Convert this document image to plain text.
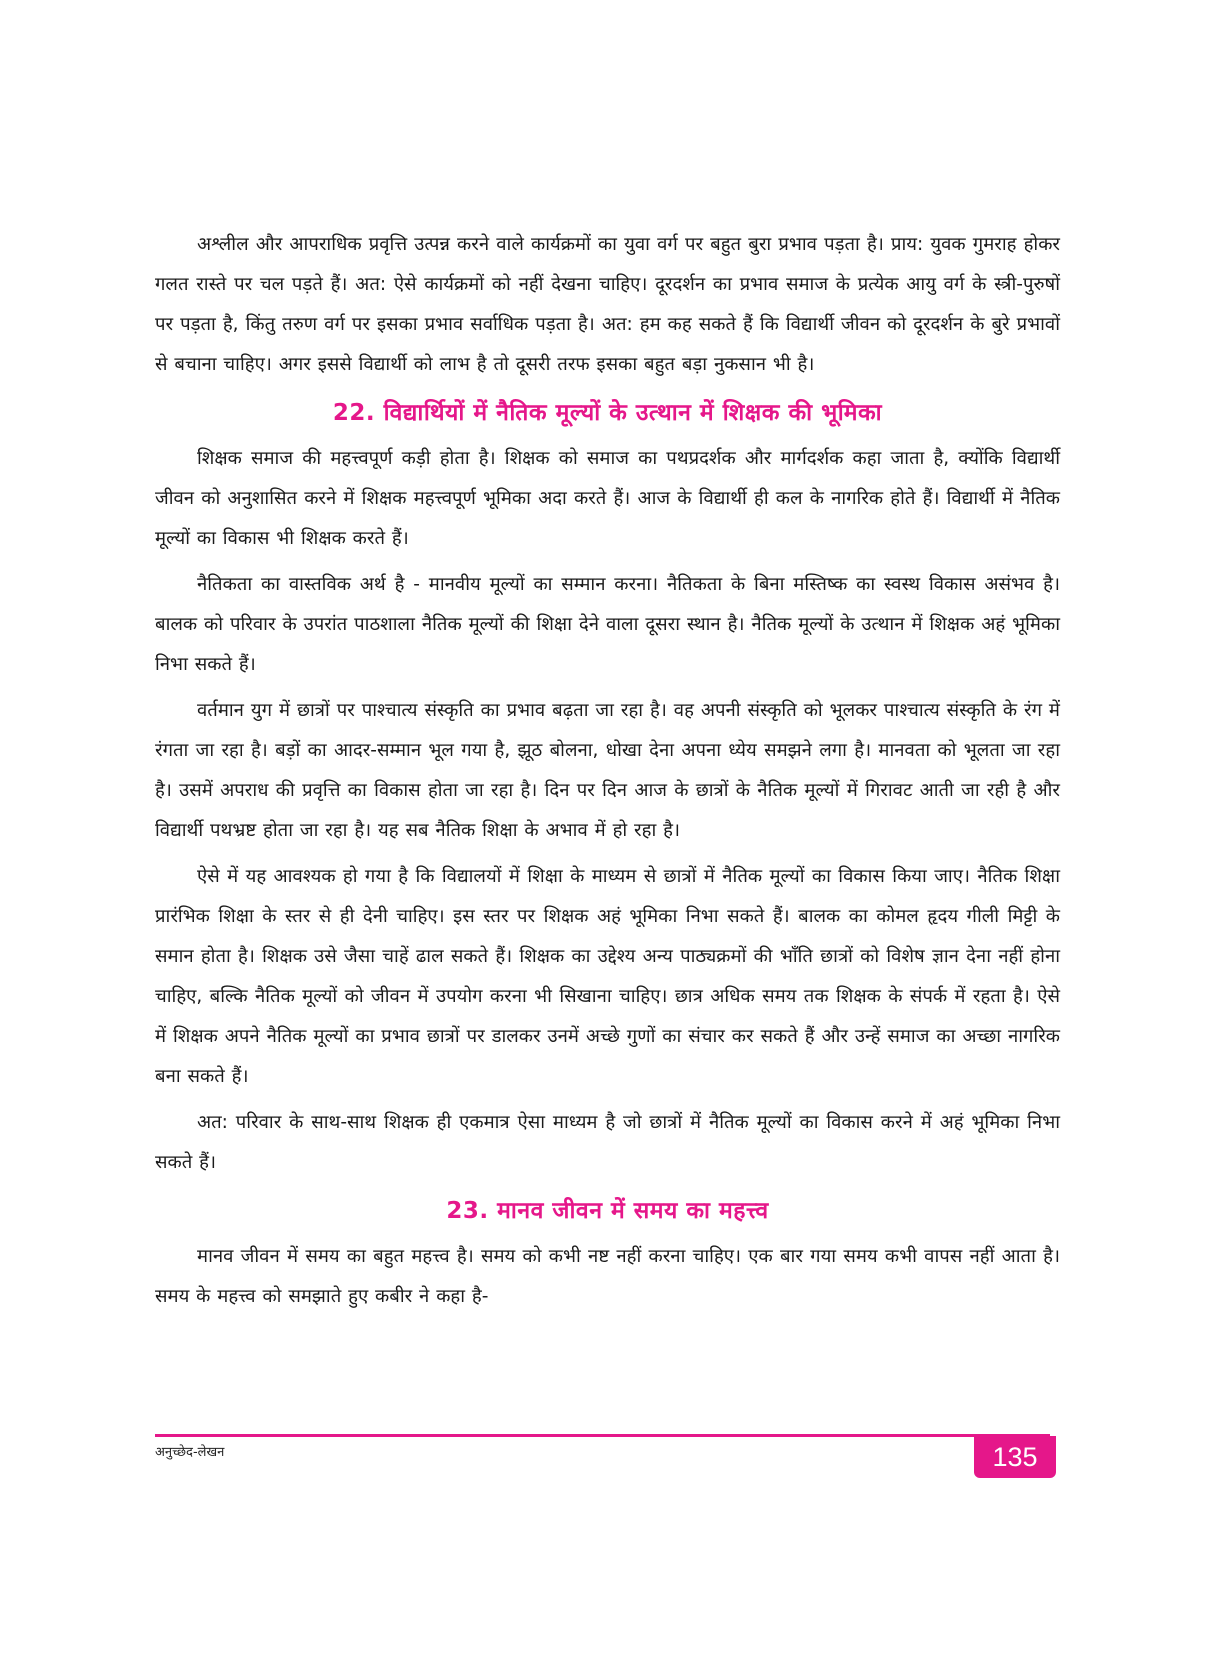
अश्लील और आपराधिक प्रवृत्ति उत्पन्न करने वाले कार्यक्रमों का युवा वर्ग पर बहुत बुरा प्रभाव पड़ता है। प्राय: युवक गुमराह होकर गलत रास्ते पर चल पड़ते हैं। अत: ऐसे कार्यक्रमों को नहीं देखना चाहिए। दूरदर्शन का प्रभाव समाज के प्रत्येक आयु वर्ग के स्त्री-पुरुषों पर पड़ता है, किंतु तरुण वर्ग पर इसका प्रभाव सर्वाधिक पड़ता है। अत: हम कह सकते हैं कि विद्यार्थी जीवन को दूरदर्शन के बुरे प्रभावों से बचाना चाहिए। अगर इससे विद्यार्थी को लाभ है तो दूसरी तरफ इसका बहुत बड़ा नुकसान भी है।

22. विद्यार्थियों में नैतिक मूल्यों के उत्थान में शिक्षक की भूमिका

शिक्षक समाज की महत्त्वपूर्ण कड़ी होता है। शिक्षक को समाज का पथप्रदर्शक और मार्गदर्शक कहा जाता है, क्योंकि विद्यार्थी जीवन को अनुशासित करने में शिक्षक महत्त्वपूर्ण भूमिका अदा करते हैं। आज के विद्यार्थी ही कल के नागरिक होते हैं। विद्यार्थी में नैतिक मूल्यों का विकास भी शिक्षक करते हैं।

नैतिकता का वास्तविक अर्थ है - मानवीय मूल्यों का सम्मान करना। नैतिकता के बिना मस्तिष्क का स्वस्थ विकास असंभव है। बालक को परिवार के उपरांत पाठशाला नैतिक मूल्यों की शिक्षा देने वाला दूसरा स्थान है। नैतिक मूल्यों के उत्थान में शिक्षक अहं भूमिका निभा सकते हैं।

वर्तमान युग में छात्रों पर पाश्चात्य संस्कृति का प्रभाव बढ़ता जा रहा है। वह अपनी संस्कृति को भूलकर पाश्चात्य संस्कृति के रंग में रंगता जा रहा है। बड़ों का आदर-सम्मान भूल गया है, झूठ बोलना, धोखा देना अपना ध्येय समझने लगा है। मानवता को भूलता जा रहा है। उसमें अपराध की प्रवृत्ति का विकास होता जा रहा है। दिन पर दिन आज के छात्रों के नैतिक मूल्यों में गिरावट आती जा रही है और विद्यार्थी पथभ्रष्ट होता जा रहा है। यह सब नैतिक शिक्षा के अभाव में हो रहा है।

ऐसे में यह आवश्यक हो गया है कि विद्यालयों में शिक्षा के माध्यम से छात्रों में नैतिक मूल्यों का विकास किया जाए। नैतिक शिक्षा प्रारंभिक शिक्षा के स्तर से ही देनी चाहिए। इस स्तर पर शिक्षक अहं भूमिका निभा सकते हैं। बालक का कोमल हृदय गीली मिट्टी के समान होता है। शिक्षक उसे जैसा चाहें ढाल सकते हैं। शिक्षक का उद्देश्य अन्य पाठ्यक्रमों की भाँति छात्रों को विशेष ज्ञान देना नहीं होना चाहिए, बल्कि नैतिक मूल्यों को जीवन में उपयोग करना भी सिखाना चाहिए। छात्र अधिक समय तक शिक्षक के संपर्क में रहता है। ऐसे में शिक्षक अपने नैतिक मूल्यों का प्रभाव छात्रों पर डालकर उनमें अच्छे गुणों का संचार कर सकते हैं और उन्हें समाज का अच्छा नागरिक बना सकते हैं।

अत: परिवार के साथ-साथ शिक्षक ही एकमात्र ऐसा माध्यम है जो छात्रों में नैतिक मूल्यों का विकास करने में अहं भूमिका निभा सकते हैं।

23. मानव जीवन में समय का महत्त्व

मानव जीवन में समय का बहुत महत्त्व है। समय को कभी नष्ट नहीं करना चाहिए। एक बार गया समय कभी वापस नहीं आता है। समय के महत्त्व को समझाते हुए कबीर ने कहा है-

अनुच्छेद-लेखन	135
